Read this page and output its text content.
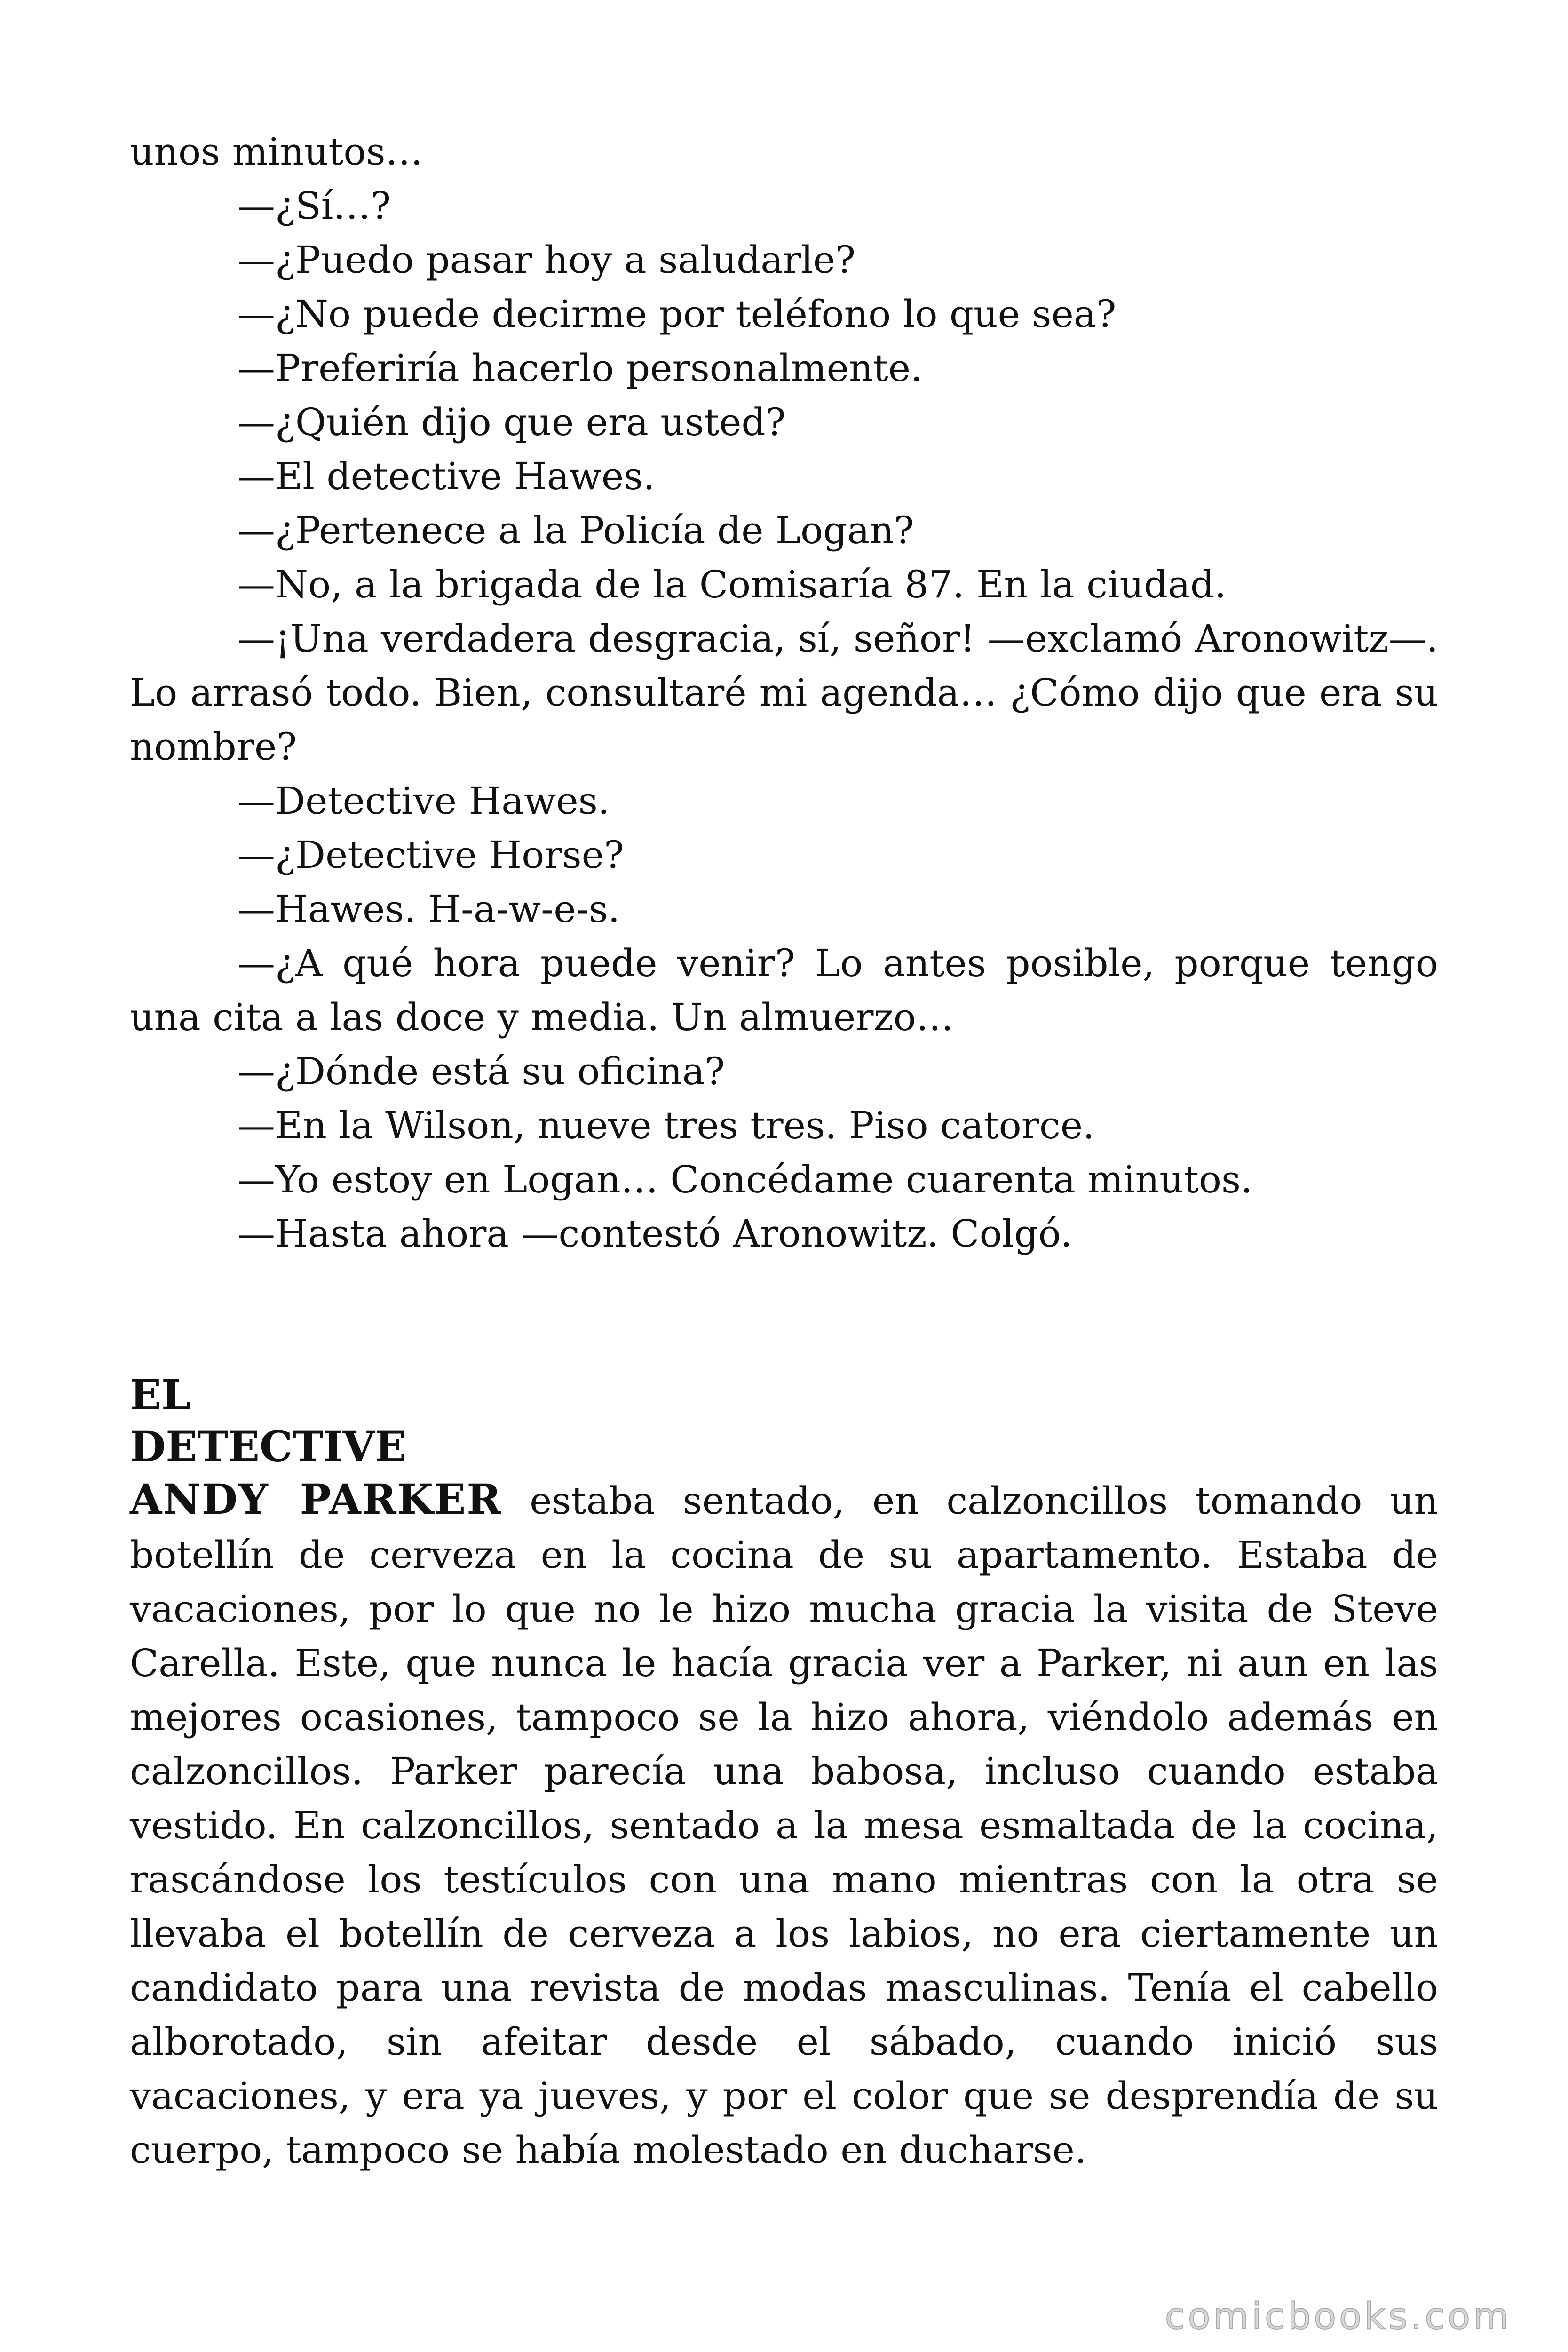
unos minutos…

—¿Sí…?

—¿Puedo pasar hoy a saludarle?

—¿No puede decirme por teléfono lo que sea?

—Preferiría hacerlo personalmente.

—¿Quién dijo que era usted?

—El detective Hawes.

—¿Pertenece a la Policía de Logan?

—No, a la brigada de la Comisaría 87. En la ciudad.

—¡Una verdadera desgracia, sí, señor! —exclamó Aronowitz—. Lo arrasó todo. Bien, consultaré mi agenda… ¿Cómo dijo que era su nombre?

—Detective Hawes.

—¿Detective Horse?

—Hawes. H-a-w-e-s.

—¿A qué hora puede venir? Lo antes posible, porque tengo una cita a las doce y media. Un almuerzo…

—¿Dónde está su oficina?

—En la Wilson, nueve tres tres. Piso catorce.

—Yo estoy en Logan… Concédame cuarenta minutos.

—Hasta ahora —contestó Aronowitz. Colgó.

EL
DETECTIVE

ANDY PARKER estaba sentado, en calzoncillos tomando un botellín de cerveza en la cocina de su apartamento. Estaba de vacaciones, por lo que no le hizo mucha gracia la visita de Steve Carella. Este, que nunca le hacía gracia ver a Parker, ni aun en las mejores ocasiones, tampoco se la hizo ahora, viéndolo además en calzoncillos. Parker parecía una babosa, incluso cuando estaba vestido. En calzoncillos, sentado a la mesa esmaltada de la cocina, rascándose los testículos con una mano mientras con la otra se llevaba el botellín de cerveza a los labios, no era ciertamente un candidato para una revista de modas masculinas. Tenía el cabello alborotado, sin afeitar desde el sábado, cuando inició sus vacaciones, y era ya jueves, y por el color que se desprendía de su cuerpo, tampoco se había molestado en ducharse.

comicbooks.com
